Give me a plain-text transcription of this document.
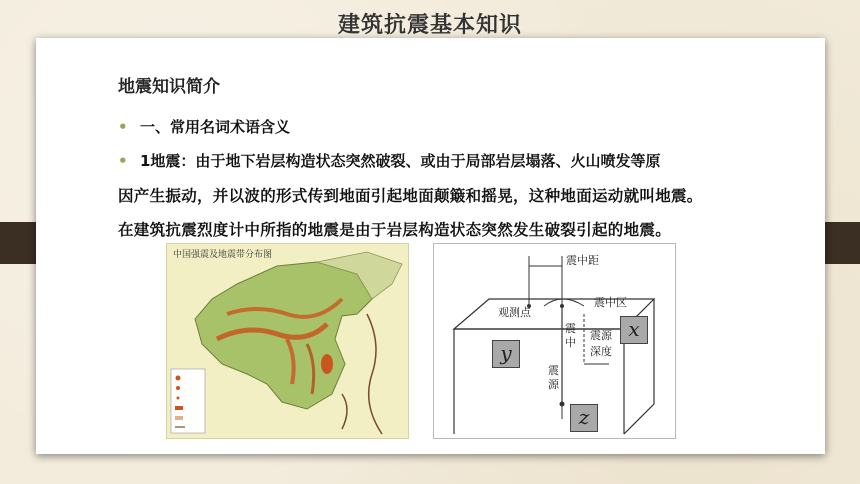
建筑抗震基本知识
地震知识简介
• 一、常用名词术语含义
• 1地震：由于地下岩层构造状态突然破裂、或由于局部岩层塌落、火山喷发等原
因产生振动，并以波的形式传到地面引起地面颠簸和摇晃，这种地面运动就叫地震。
在建筑抗震烈度计中所指的地震是由于岩层构造状态突然发生破裂引起的地震。
中国强震及地震带分布图	震中距
观测点
震中区
震中
震源深度
震源
x
y
z
